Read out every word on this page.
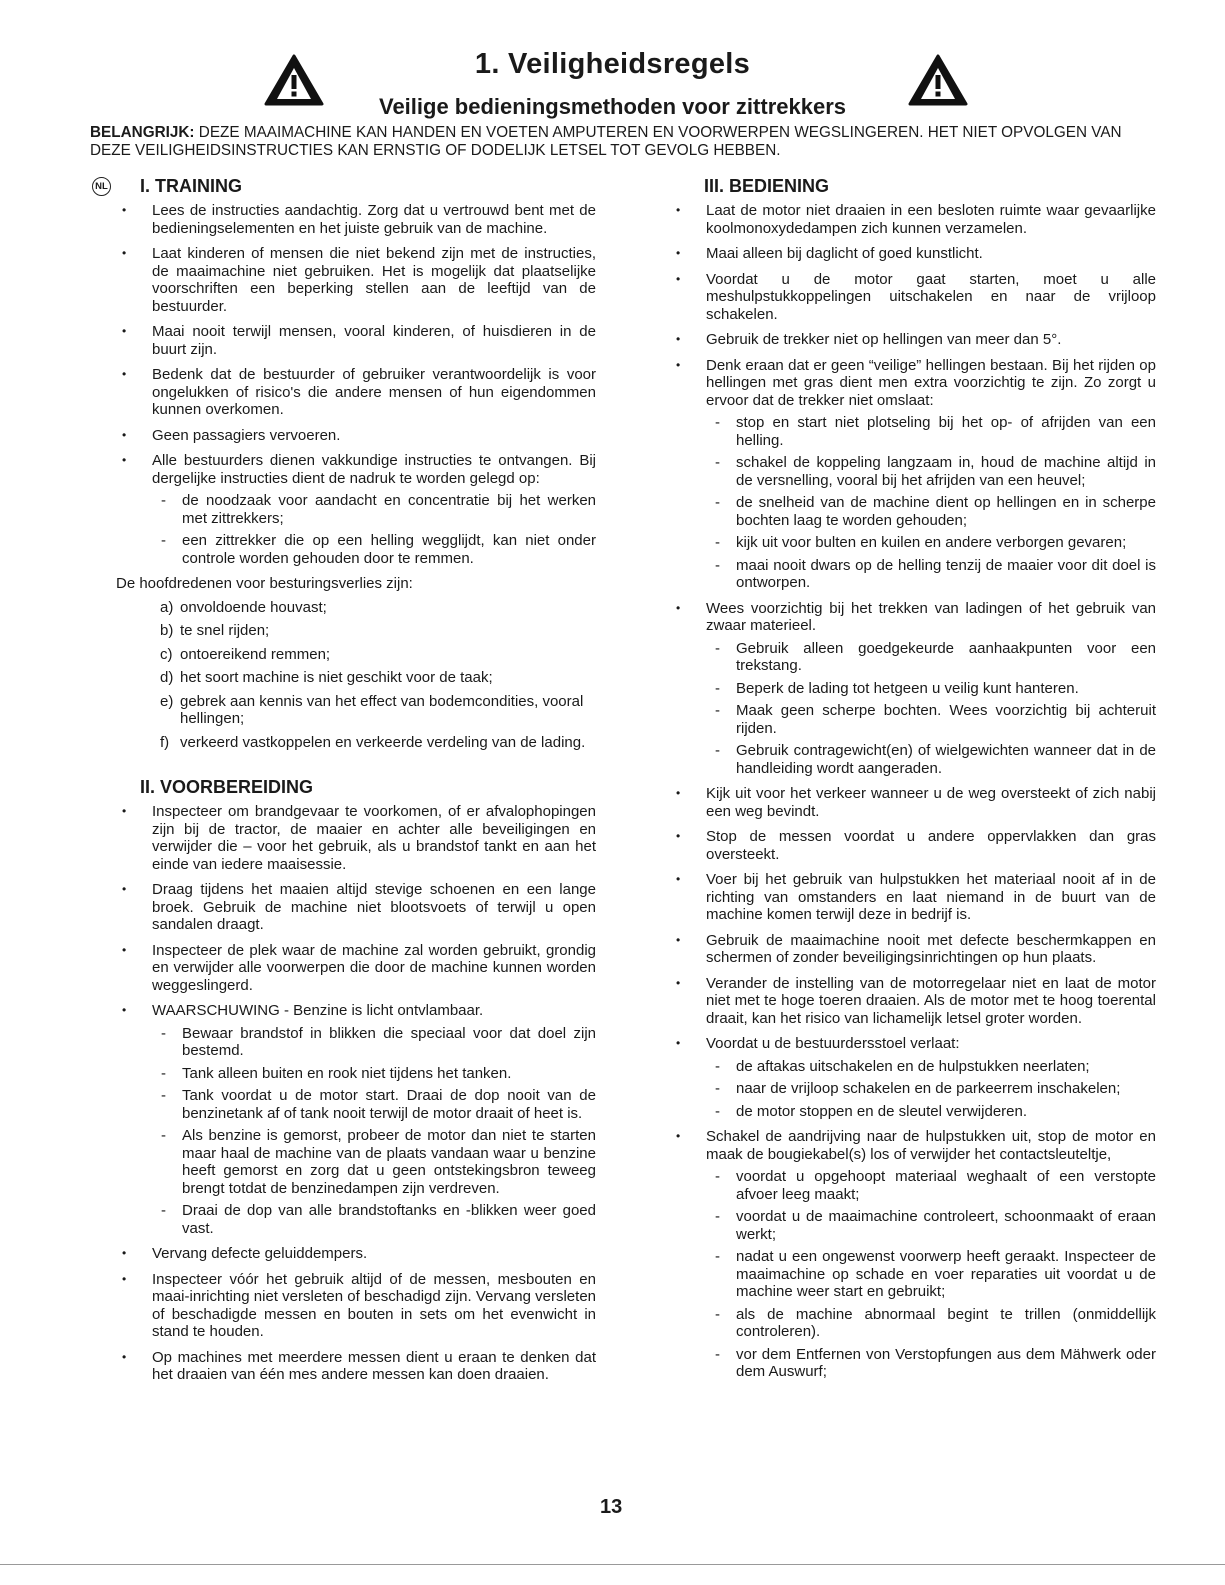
1. Veiligheidsregels
Veilige bedieningsmethoden voor zittrekkers

BELANGRIJK: DEZE MAAIMACHINE KAN HANDEN EN VOETEN AMPUTEREN EN VOORWERPEN WEGSLINGEREN. HET NIET OPVOLGEN VAN DEZE VEILIGHEIDSINSTRUCTIES KAN ERNSTIG OF DODELIJK LETSEL TOT GEVOLG HEBBEN.

NL I. TRAINING
• Lees de instructies aandachtig. Zorg dat u vertrouwd bent met de bedieningselementen en het juiste gebruik van de machine.
• Laat kinderen of mensen die niet bekend zijn met de instructies, de maaimachine niet gebruiken. Het is mogelijk dat plaatselijke voorschriften een beperking stellen aan de leeftijd van de bestuurder.
• Maai nooit terwijl mensen, vooral kinderen, of huisdieren in de buurt zijn.
• Bedenk dat de bestuurder of gebruiker verantwoordelijk is voor ongelukken of risico's die andere mensen of hun eigendommen kunnen overkomen.
• Geen passagiers vervoeren.
• Alle bestuurders dienen vakkundige instructies te ontvangen. Bij dergelijke instructies dient de nadruk te worden gelegd op:
- de noodzaak voor aandacht en concentratie bij het werken met zittrekkers;
- een zittrekker die op een helling wegglijdt, kan niet onder controle worden gehouden door te remmen.

De hoofdredenen voor besturingsverlies zijn:

a) onvoldoende houvast;
b) te snel rijden;
c) ontoereikend remmen;
d) het soort machine is niet geschikt voor de taak;
e) gebrek aan kennis van het effect van bodemcondities, vooral hellingen;
f) verkeerd vastkoppelen en verkeerde verdeling van de lading.
II. VOORBEREIDING
• Inspecteer om brandgevaar te voorkomen, of er afvalophopingen zijn bij de tractor, de maaier en achter alle beveiligingen en verwijder die – voor het gebruik, als u brandstof tankt en aan het einde van iedere maaisessie.
• Draag tijdens het maaien altijd stevige schoenen en een lange broek. Gebruik de machine niet blootsvoets of terwijl u open sandalen draagt.
• Inspecteer de plek waar de machine zal worden gebruikt, grondig en verwijder alle voorwerpen die door de machine kunnen worden weggeslingerd.
• WAARSCHUWING - Benzine is licht ontvlambaar.
- Bewaar brandstof in blikken die speciaal voor dat doel zijn bestemd.
- Tank alleen buiten en rook niet tijdens het tanken.
- Tank voordat u de motor start. Draai de dop nooit van de benzinetank af of tank nooit terwijl de motor draait of heet is.
- Als benzine is gemorst, probeer de motor dan niet te starten maar haal de machine van de plaats vandaan waar u benzine heeft gemorst en zorg dat u geen ontstekingsbron teweeg brengt totdat de benzinedampen zijn verdreven.
- Draai de dop van alle brandstoftanks en -blikken weer goed vast.
• Vervang defecte geluiddempers.
• Inspecteer vóór het gebruik altijd of de messen, mesbouten en maai-inrichting niet versleten of beschadigd zijn. Vervang versleten of beschadigde messen en bouten in sets om het evenwicht in stand te houden.
• Op machines met meerdere messen dient u eraan te denken dat het draaien van één mes andere messen kan doen draaien.
III. BEDIENING
• Laat de motor niet draaien in een besloten ruimte waar gevaarlijke koolmonoxydedampen zich kunnen verzamelen.
• Maai alleen bij daglicht of goed kunstlicht.
• Voordat u de motor gaat starten, moet u alle meshulpstukkoppelingen uitschakelen en naar de vrijloop schakelen.
• Gebruik de trekker niet op hellingen van meer dan 5°.
• Denk eraan dat er geen “veilige” hellingen bestaan. Bij het rijden op hellingen met gras dient men extra voorzichtig te zijn. Zo zorgt u ervoor dat de trekker niet omslaat:
- stop en start niet plotseling bij het op- of afrijden van een helling.
- schakel de koppeling langzaam in, houd de machine altijd in de versnelling, vooral bij het afrijden van een heuvel;
- de snelheid van de machine dient op hellingen en in scherpe bochten laag te worden gehouden;
- kijk uit voor bulten en kuilen en andere verborgen gevaren;
- maai nooit dwars op de helling tenzij de maaier voor dit doel is ontworpen.
• Wees voorzichtig bij het trekken van ladingen of het gebruik van zwaar materieel.
- Gebruik alleen goedgekeurde aanhaakpunten voor een trekstang.
- Beperk de lading tot hetgeen u veilig kunt hanteren.
- Maak geen scherpe bochten. Wees voorzichtig bij achteruit rijden.
- Gebruik contragewicht(en) of wielgewichten wanneer dat in de handleiding wordt aangeraden.
• Kijk uit voor het verkeer wanneer u de weg oversteekt of zich nabij een weg bevindt.
• Stop de messen voordat u andere oppervlakken dan gras oversteekt.
• Voer bij het gebruik van hulpstukken het materiaal nooit af in de richting van omstanders en laat niemand in de buurt van de machine komen terwijl deze in bedrijf is.
• Gebruik de maaimachine nooit met defecte beschermkappen en schermen of zonder beveiligingsinrichtingen op hun plaats.
• Verander de instelling van de motorregelaar niet en laat de motor niet met te hoge toeren draaien. Als de motor met te hoog toerental draait, kan het risico van lichamelijk letsel groter worden.
• Voordat u de bestuurdersstoel verlaat:
- de aftakas uitschakelen en de hulpstukken neerlaten;
- naar de vrijloop schakelen en de parkeerrem inschakelen;
- de motor stoppen en de sleutel verwijderen.
• Schakel de aandrijving naar de hulpstukken uit, stop de motor en maak de bougiekabel(s) los of verwijder het contactsleuteltje,
- voordat u opgehoopt materiaal weghaalt of een verstopte afvoer leeg maakt;
- voordat u de maaimachine controleert, schoonmaakt of eraan werkt;
- nadat u een ongewenst voorwerp heeft geraakt. Inspecteer de maaimachine op schade en voer reparaties uit voordat u de machine weer start en gebruikt;
- als de machine abnormaal begint te trillen (onmiddellijk controleren).
- vor dem Entfernen von Verstopfungen aus dem Mähwerk oder dem Auswurf;
13
